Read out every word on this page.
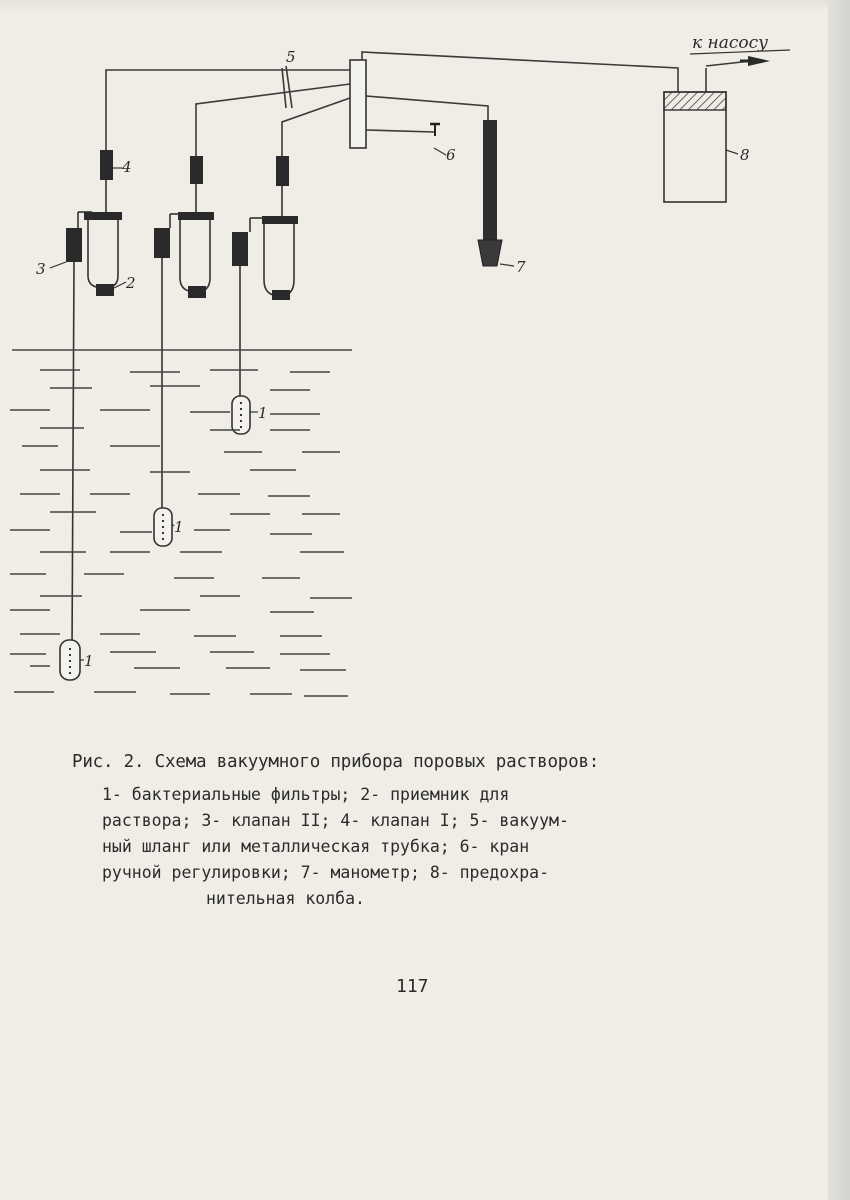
5
4
6	8
3
2
7
1
1
1
к насосу

Рис. 2. Схема вакуумного прибора поровых растворов:

1- бактериальные фильтры; 2- приемник для
раствора; 3- клапан II; 4- клапан I; 5- вакуум-
ный шланг или металлическая трубка; 6- кран
ручной регулировки; 7- манометр; 8- предохра-
нительная колба.

117
